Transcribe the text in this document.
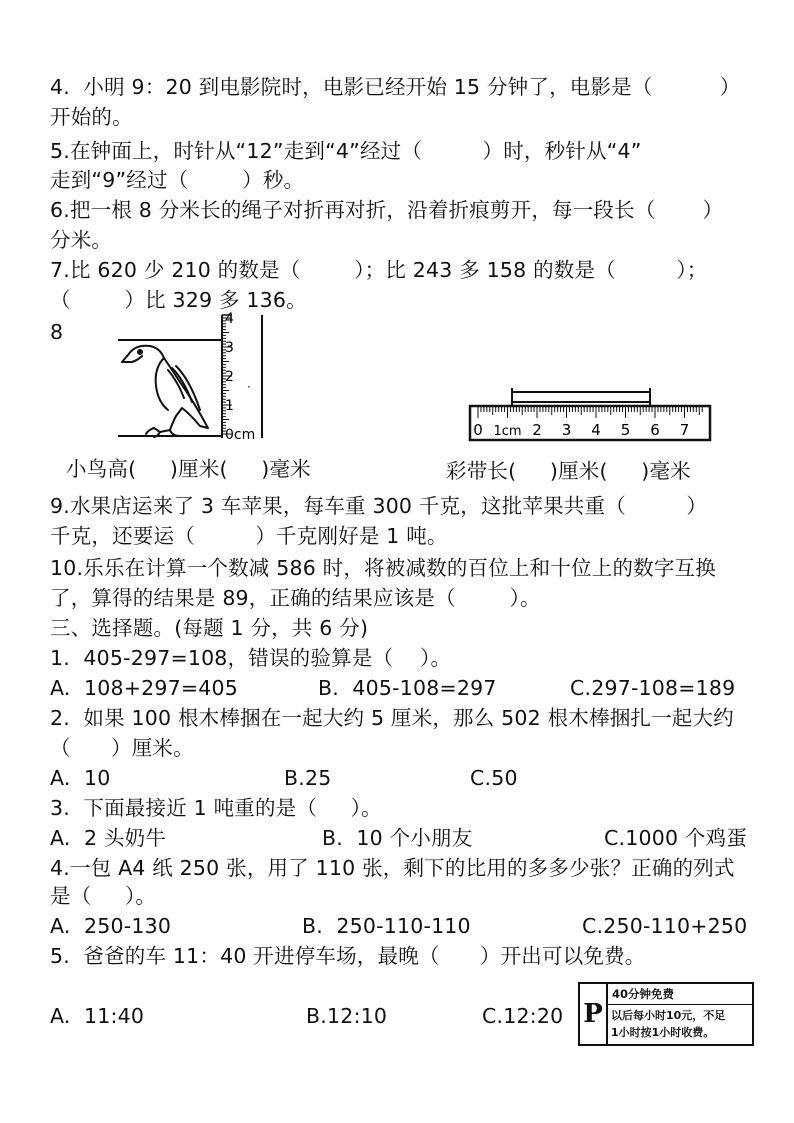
4.  小明 9：20 到电影院时，电影已经开始 15 分钟了，电影是（          ）
开始的。
5.在钟面上，时针从“12”走到“4”经过（         ）时，秒针从“4”
走到“9”经过（        ）秒。
6.把一根 8 分米长的绳子对折再对折，沿着折痕剪开，每一段长（       ）
分米。
7.比 620 少 210 的数是（        ）；比 243 多 158 的数是（         ）；
（        ）比 329 多 136。
8
4
3
2
1
0cm
·
0 1cm 2 3 4 5 6 7
小鸟高(     )厘米(     )毫米	彩带长(     )厘米(     )毫米
9.水果店运来了 3 车苹果，每车重 300 千克，这批苹果共重（         ）
千克，还要运（         ）千克刚好是 1 吨。
10.乐乐在计算一个数减 586 时，将被减数的百位上和十位上的数字互换
了，算得的结果是 89，正确的结果应该是（        ）。
三、选择题。(每题 1 分，共 6 分)
1.  405-297=108，错误的验算是（    ）。
A.  108+297=405	B.  405-108=297	C.297-108=189
2.  如果 100 根木棒捆在一起大约 5 厘米，那么 502 根木棒捆扎一起大约
（      ）厘米。
A.  10	B.25	C.50
3.  下面最接近 1 吨重的是（     ）。
A.  2 头奶牛	B.  10 个小朋友	C.1000 个鸡蛋
4.一包 A4 纸 250 张，用了 110 张，剩下的比用的多多少张？正确的列式
是（     ）。
A.  250-130	B.  250-110-110	C.250-110+250
5.  爸爸的车 11：40 开进停车场，最晚（      ）开出可以免费。
A.  11:40	B.12:10	C.12:20 P
40分钟免费
以后每小时10元，不足
1小时按1小时收费。
